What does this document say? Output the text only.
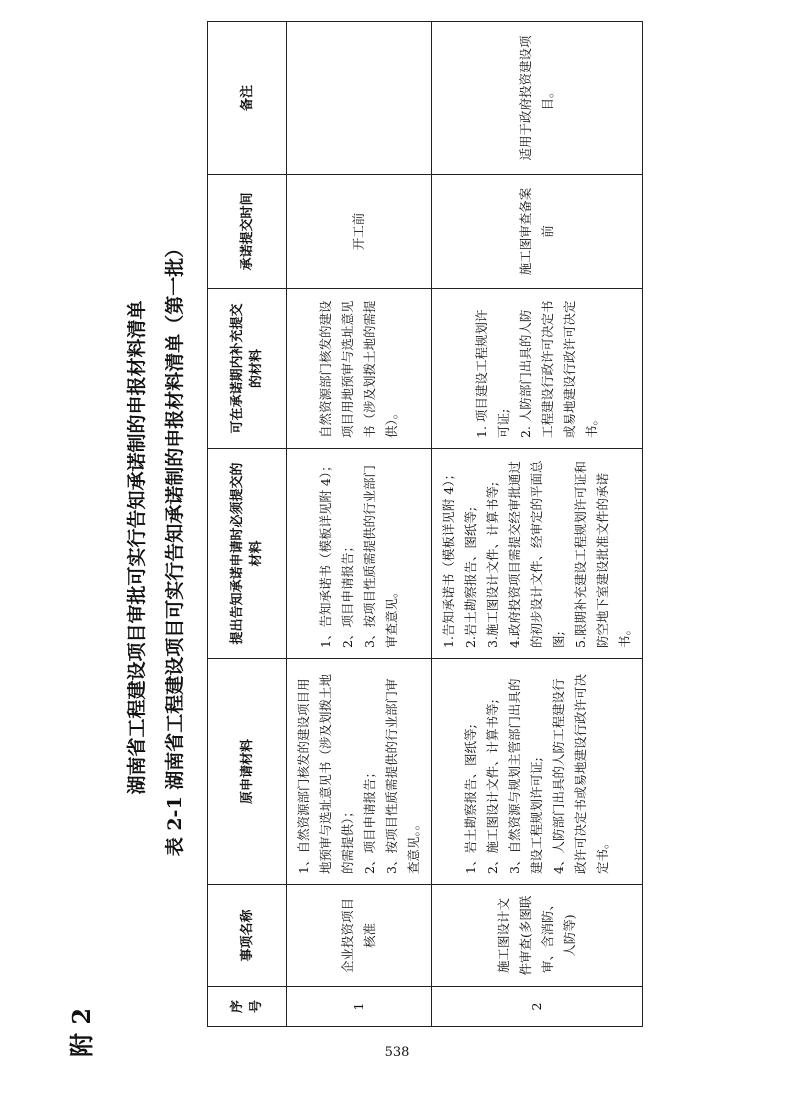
附 2
湖南省工程建设项目审批可实行告知承诺制的申报材料清单 表 2-1 湖南省工程建设项目可实行告知承诺制的申报材料清单（第一批）
序号	事项名称	原申请材料	提出告知承诺申请时必须提交的材料	可在承诺期内补充提交的材料	承诺提交时间	备注
1	企业投资项目核准	1、自然资源部门核发的建设项目用地预审与选址意见书（涉及划拨土地的需提供）； 2、项目申请报告； 3、按项目性质需提供的行业部门审查意见。。	1、告知承诺书（模板详见附 4）； 2、项目申请报告； 3、按项目性质需提供的行业部门审查意见。	自然资源部门核发的建设项目用地预审与选址意见书（涉及划拨土地的需提供）。	开工前	
2	施工图设计文件审查(多图联审、含消防、人防等)	1、岩土勘察报告、图纸等; 2、施工图设计文件、计算书等; 3、自然资源与规划主管部门出具的建设工程规划许可证; 4、人防部门出具的人防工程建设行政许可决定书或易地建设行政许可决定书。	1.告知承诺书（模板详见附 4）； 2.岩土勘察报告、图纸等; 3.施工图设计文件、计算书等; 4.政府投资项目需提交经审批通过的初步设计文件、经审定的平面总图; 5.限期补充建设工程规划许可证和防空地下室建设批准文件的承诺书。	1. 项目建设工程规划许可证; 2. 人防部门出具的人防工程建设行政许可决定书或易地建设行政许可决定书。	施工图审查备案前	适用于政府投资建设项目。
538
